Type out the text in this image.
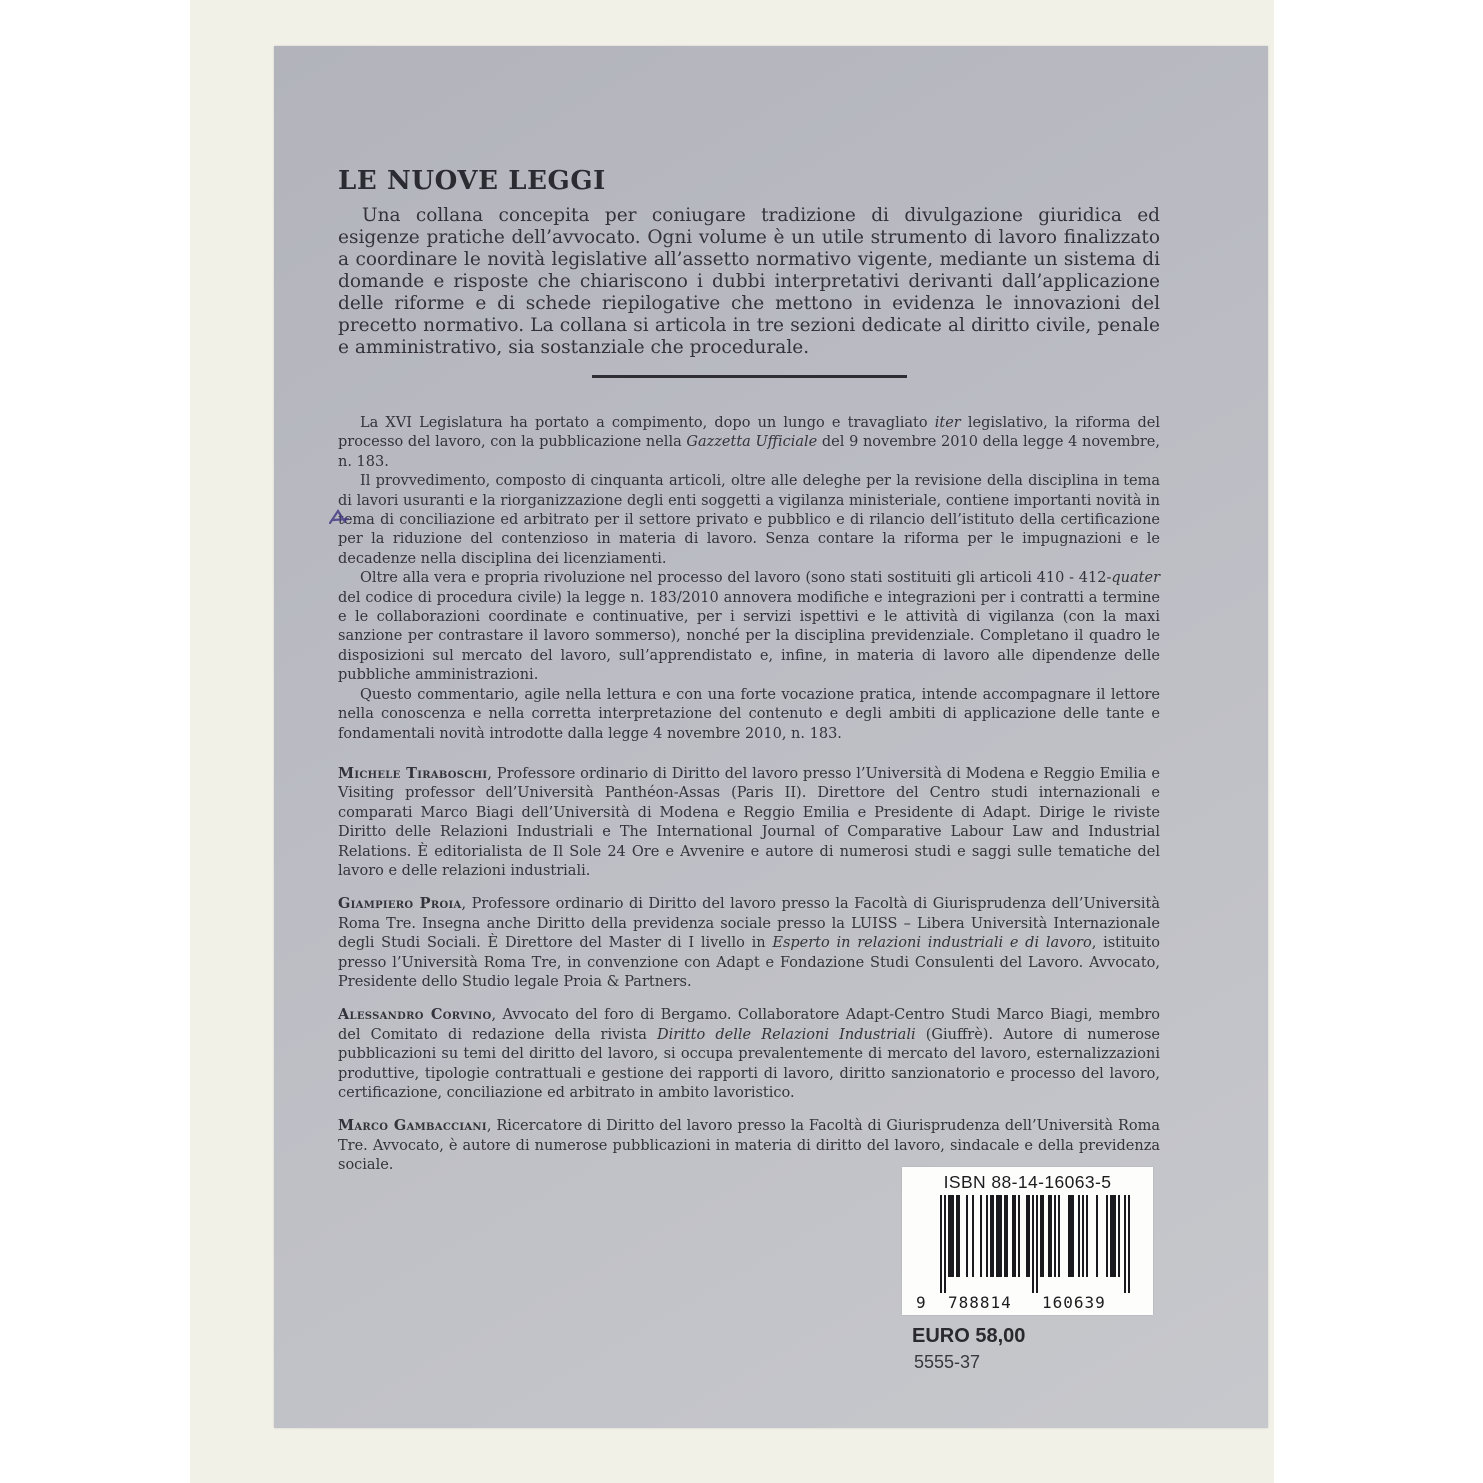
LE NUOVE LEGGI

Una collana concepita per coniugare tradizione di divulgazione giuridica ed esigenze pratiche dell’avvocato. Ogni volume è un utile strumento di lavoro finalizzato a coordinare le novità legislative all’assetto normativo vigente, mediante un sistema di domande e risposte che chiariscono i dubbi interpretativi derivanti dall’applicazione delle riforme e di schede riepilogative che mettono in evidenza le innovazioni del precetto normativo. La collana si articola in tre sezioni dedicate al diritto civile, penale e amministrativo, sia sostanziale che procedurale.

La XVI Legislatura ha portato a compimento, dopo un lungo e travagliato iter legislativo, la riforma del processo del lavoro, con la pubblicazione nella Gazzetta Ufficiale del 9 novembre 2010 della legge 4 novembre, n. 183.

Il provvedimento, composto di cinquanta articoli, oltre alle deleghe per la revisione della disciplina in tema di lavori usuranti e la riorganizzazione degli enti soggetti a vigilanza ministeriale, contiene importanti novità in tema di conciliazione ed arbitrato per il settore privato e pubblico e di rilancio dell’istituto della certificazione per la riduzione del contenzioso in materia di lavoro. Senza contare la riforma per le impugnazioni e le decadenze nella disciplina dei licenziamenti.

Oltre alla vera e propria rivoluzione nel processo del lavoro (sono stati sostituiti gli articoli 410 - 412-quater del codice di procedura civile) la legge n. 183/2010 annovera modifiche e integrazioni per i contratti a termine e le collaborazioni coordinate e continuative, per i servizi ispettivi e le attività di vigilanza (con la maxi sanzione per contrastare il lavoro sommerso), nonché per la disciplina previdenziale. Completano il quadro le disposizioni sul mercato del lavoro, sull’apprendistato e, infine, in materia di lavoro alle dipendenze delle pubbliche amministrazioni.

Questo commentario, agile nella lettura e con una forte vocazione pratica, intende accompagnare il lettore nella conoscenza e nella corretta interpretazione del contenuto e degli ambiti di applicazione delle tante e fondamentali novità introdotte dalla legge 4 novembre 2010, n. 183.

Michele Tiraboschi, Professore ordinario di Diritto del lavoro presso l’Università di Modena e Reggio Emilia e Visiting professor dell’Università Panthéon-Assas (Paris II). Direttore del Centro studi internazionali e comparati Marco Biagi dell’Università di Modena e Reggio Emilia e Presidente di Adapt. Dirige le riviste Diritto delle Relazioni Industriali e The International Journal of Comparative Labour Law and Industrial Relations. È editorialista de Il Sole 24 Ore e Avvenire e autore di numerosi studi e saggi sulle tematiche del lavoro e delle relazioni industriali.

Giampiero Proia, Professore ordinario di Diritto del lavoro presso la Facoltà di Giurisprudenza dell’Università Roma Tre. Insegna anche Diritto della previdenza sociale presso la LUISS – Libera Università Internazionale degli Studi Sociali. È Direttore del Master di I livello in Esperto in relazioni industriali e di lavoro, istituito presso l’Università Roma Tre, in convenzione con Adapt e Fondazione Studi Consulenti del Lavoro. Avvocato, Presidente dello Studio legale Proia & Partners.

Alessandro Corvino, Avvocato del foro di Bergamo. Collaboratore Adapt-Centro Studi Marco Biagi, membro del Comitato di redazione della rivista Diritto delle Relazioni Industriali (Giuffrè). Autore di numerose pubblicazioni su temi del diritto del lavoro, si occupa prevalentemente di mercato del lavoro, esternalizzazioni produttive, tipologie contrattuali e gestione dei rapporti di lavoro, diritto sanzionatorio e processo del lavoro, certificazione, conciliazione ed arbitrato in ambito lavoristico.

Marco Gambacciani, Ricercatore di Diritto del lavoro presso la Facoltà di Giurisprudenza dell’Università Roma Tre. Avvocato, è autore di numerose pubblicazioni in materia di diritto del lavoro, sindacale e della previdenza sociale.

ISBN 88-14-16063-5
9 788814 160639
EURO 58,00
5555-37
